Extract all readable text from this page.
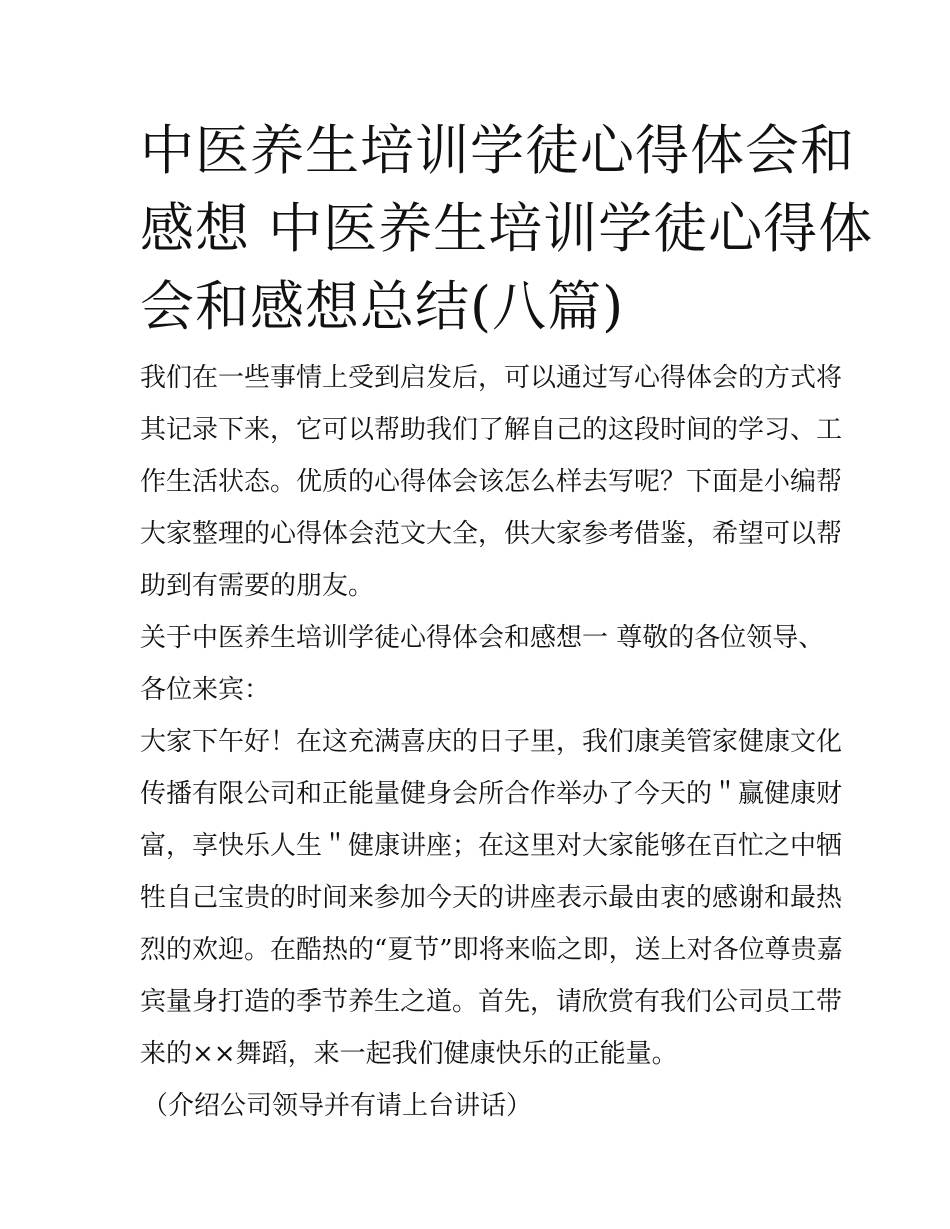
中医养生培训学徒心得体会和
感想 中医养生培训学徒心得体
会和感想总结(八篇)
我们在一些事情上受到启发后，可以通过写心得体会的方式将
其记录下来，它可以帮助我们了解自己的这段时间的学习、工
作生活状态。优质的心得体会该怎么样去写呢？下面是小编帮
大家整理的心得体会范文大全，供大家参考借鉴，希望可以帮
助到有需要的朋友。
关于中医养生培训学徒心得体会和感想一 尊敬的各位领导、
各位来宾：
大家下午好！在这充满喜庆的日子里，我们康美管家健康文化
传播有限公司和正能量健身会所合作举办了今天的＂赢健康财
富，享快乐人生＂健康讲座；在这里对大家能够在百忙之中牺
牲自己宝贵的时间来参加今天的讲座表示最由衷的感谢和最热
烈的欢迎。在酷热的“夏节”即将来临之即，送上对各位尊贵嘉
宾量身打造的季节养生之道。首先，请欣赏有我们公司员工带
来的××舞蹈，来一起我们健康快乐的正能量。
（介绍公司领导并有请上台讲话）
